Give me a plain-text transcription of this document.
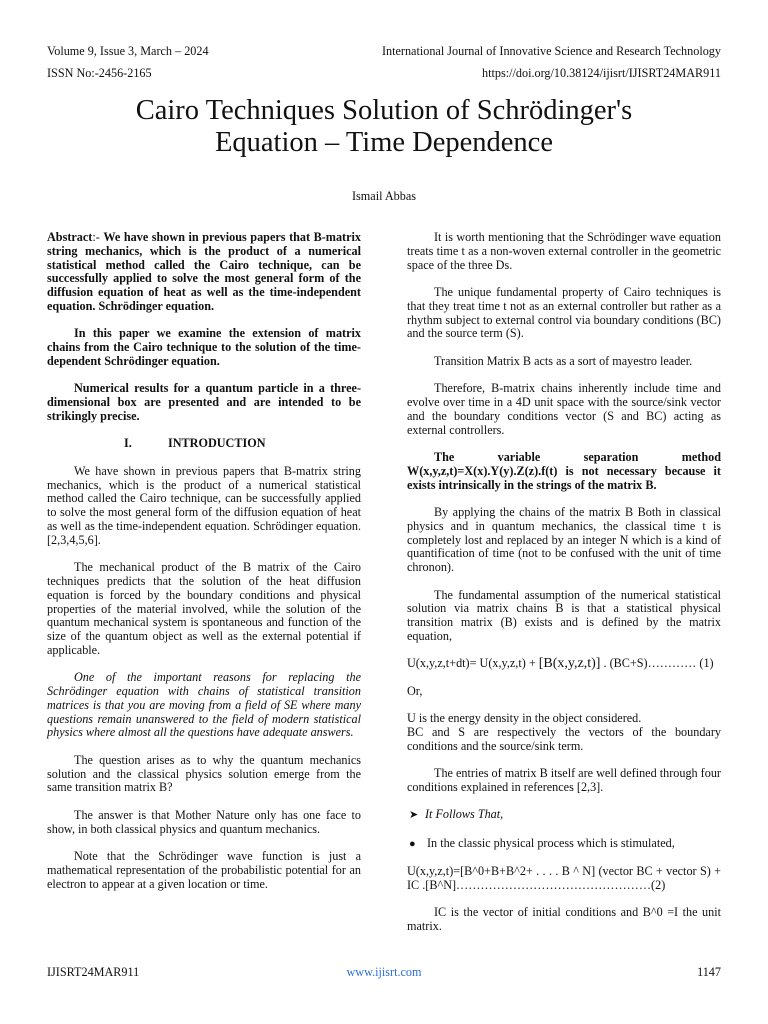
Volume 9, Issue 3, March – 2024
ISSN No:-2456-2165
International Journal of Innovative Science and Research Technology
https://doi.org/10.38124/ijisrt/IJISRT24MAR911
Cairo Techniques Solution of Schrödinger's
Equation – Time Dependence
Ismail Abbas
Abstract:- We have shown in previous papers that B-matrix string mechanics, which is the product of a numerical statistical method called the Cairo technique, can be successfully applied to solve the most general form of the diffusion equation of heat as well as the time-independent equation. Schrödinger equation.
In this paper we examine the extension of matrix chains from the Cairo technique to the solution of the time-dependent Schrödinger equation.
Numerical results for a quantum particle in a three-dimensional box are presented and are intended to be strikingly precise.
I.	INTRODUCTION
We have shown in previous papers that B-matrix string mechanics, which is the product of a numerical statistical method called the Cairo technique, can be successfully applied to solve the most general form of the diffusion equation of heat as well as the time-independent equation. Schrödinger equation. [2,3,4,5,6].
The mechanical product of the B matrix of the Cairo techniques predicts that the solution of the heat diffusion equation is forced by the boundary conditions and physical properties of the material involved, while the solution of the quantum mechanical system is spontaneous and function of the size of the quantum object as well as the external potential if applicable.
One of the important reasons for replacing the Schrödinger equation with chains of statistical transition matrices is that you are moving from a field of SE where many questions remain unanswered to the field of modern statistical physics where almost all the questions have adequate answers.
The question arises as to why the quantum mechanics solution and the classical physics solution emerge from the same transition matrix B?
The answer is that Mother Nature only has one face to show, in both classical physics and quantum mechanics.
Note that the Schrödinger wave function is just a mathematical representation of the probabilistic potential for an electron to appear at a given location or time.
It is worth mentioning that the Schrödinger wave equation treats time t as a non-woven external controller in the geometric space of the three Ds.
The unique fundamental property of Cairo techniques is that they treat time t not as an external controller but rather as a rhythm subject to external control via boundary conditions (BC) and the source term (S).
Transition Matrix B acts as a sort of mayestro leader.
Therefore, B-matrix chains inherently include time and evolve over time in a 4D unit space with the source/sink vector and the boundary conditions vector (S and BC) acting as external controllers.
The variable separation method W(x,y,z,t)=X(x).Y(y).Z(z).f(t) is not necessary because it exists intrinsically in the strings of the matrix B.
By applying the chains of the matrix B Both in classical physics and in quantum mechanics, the classical time t is completely lost and replaced by an integer N which is a kind of quantification of time (not to be confused with the unit of time chronon).
The fundamental assumption of the numerical statistical solution via matrix chains B is that a statistical physical transition matrix (B) exists and is defined by the matrix equation,
U(x,y,z,t+dt)= U(x,y,z,t) + [B(x,y,z,t)] . (BC+S)………… (1)
Or,
U is the energy density in the object considered.
BC and S are respectively the vectors of the boundary conditions and the source/sink term.
The entries of matrix B itself are well defined through four conditions explained in references [2,3].
➤ It Follows That,
● In the classic physical process which is stimulated,
U(x,y,z,t)=[B^0+B+B^2+ . . . . B ^ N] (vector BC + vector S) + IC .[B^N]…………………………………………(2)
IC is the vector of initial conditions and B^0 =I the unit matrix.
IJISRT24MAR911	www.ijisrt.com	1147
